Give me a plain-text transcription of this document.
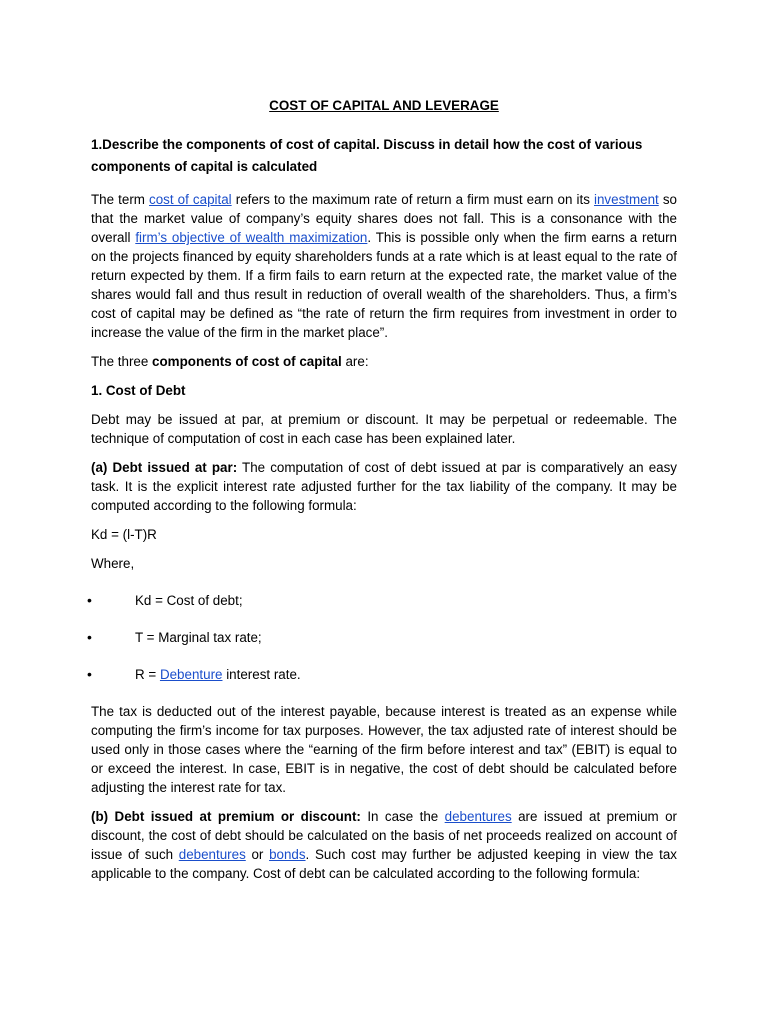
COST OF CAPITAL AND LEVERAGE
1.Describe the components of cost of capital. Discuss in detail how the cost of various components of capital is calculated

The term cost of capital refers to the maximum rate of return a firm must earn on its investment so that the market value of company’s equity shares does not fall. This is a consonance with the overall firm’s objective of wealth maximization. This is possible only when the firm earns a return on the projects financed by equity shareholders funds at a rate which is at least equal to the rate of return expected by them. If a firm fails to earn return at the expected rate, the market value of the shares would fall and thus result in reduction of overall wealth of the shareholders. Thus, a firm’s cost of capital may be defined as “the rate of return the firm requires from investment in order to increase the value of the firm in the market place”.

The three components of cost of capital are:

1. Cost of Debt

Debt may be issued at par, at premium or discount. It may be perpetual or redeemable. The technique of computation of cost in each case has been explained later.

(a) Debt issued at par: The computation of cost of debt issued at par is comparatively an easy task. It is the explicit interest rate adjusted further for the tax liability of the company. It may be computed according to the following formula:

Kd = (l-T)R

Where,

•	Kd = Cost of debt;
•	T = Marginal tax rate;
•	R = Debenture interest rate.

The tax is deducted out of the interest payable, because interest is treated as an expense while computing the firm’s income for tax purposes. However, the tax adjusted rate of interest should be used only in those cases where the “earning of the firm before interest and tax” (EBIT) is equal to or exceed the interest. In case, EBIT is in negative, the cost of debt should be calculated before adjusting the interest rate for tax.

(b) Debt issued at premium or discount: In case the debentures are issued at premium or discount, the cost of debt should be calculated on the basis of net proceeds realized on account of issue of such debentures or bonds. Such cost may further be adjusted keeping in view the tax applicable to the company. Cost of debt can be calculated according to the following formula:
